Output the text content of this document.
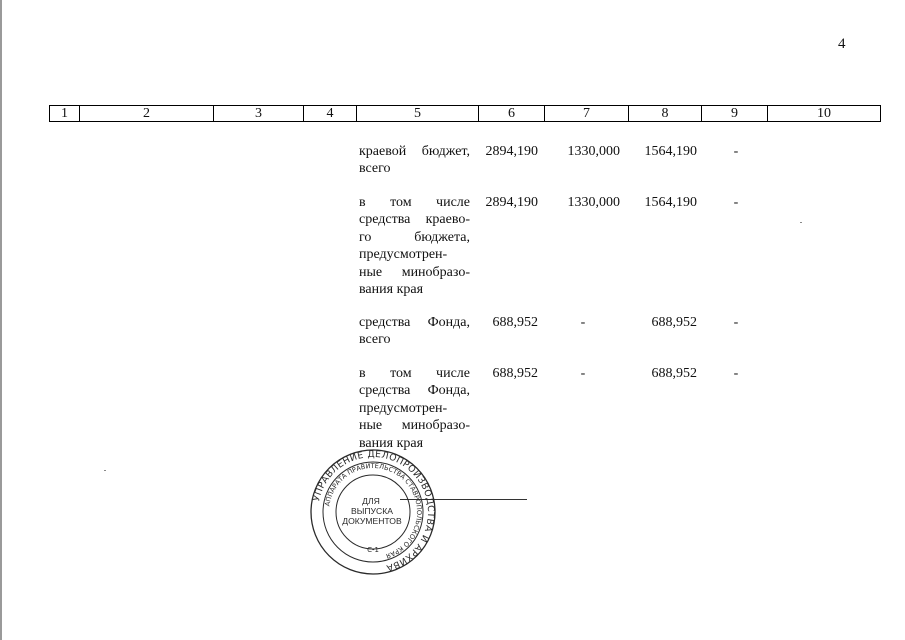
4
1	2	3	4	5	6	7	8	9	10
краевой бюджет,
всего
2894,190	1330,000	1564,190	-
в том числе
средства краево-
го бюджета,
предусмотрен-
ные минобразо-
вания края
2894,190	1330,000	1564,190	-
средства Фонда,
всего
688,952	-	688,952	-
в том числе
средства Фонда,
предусмотрен-
ные минобразо-
вания края
688,952	-	688,952	-
УПРАВЛЕНИЕ ДЕЛОПРОИЗВОДСТВА И АРХИВА
АППАРАТА ПРАВИТЕЛЬСТВА СТАВРОПОЛЬСКОГО КРАЯ
С-1
ДЛЯ
ВЫПУСКА
ДОКУМЕНТОВ
